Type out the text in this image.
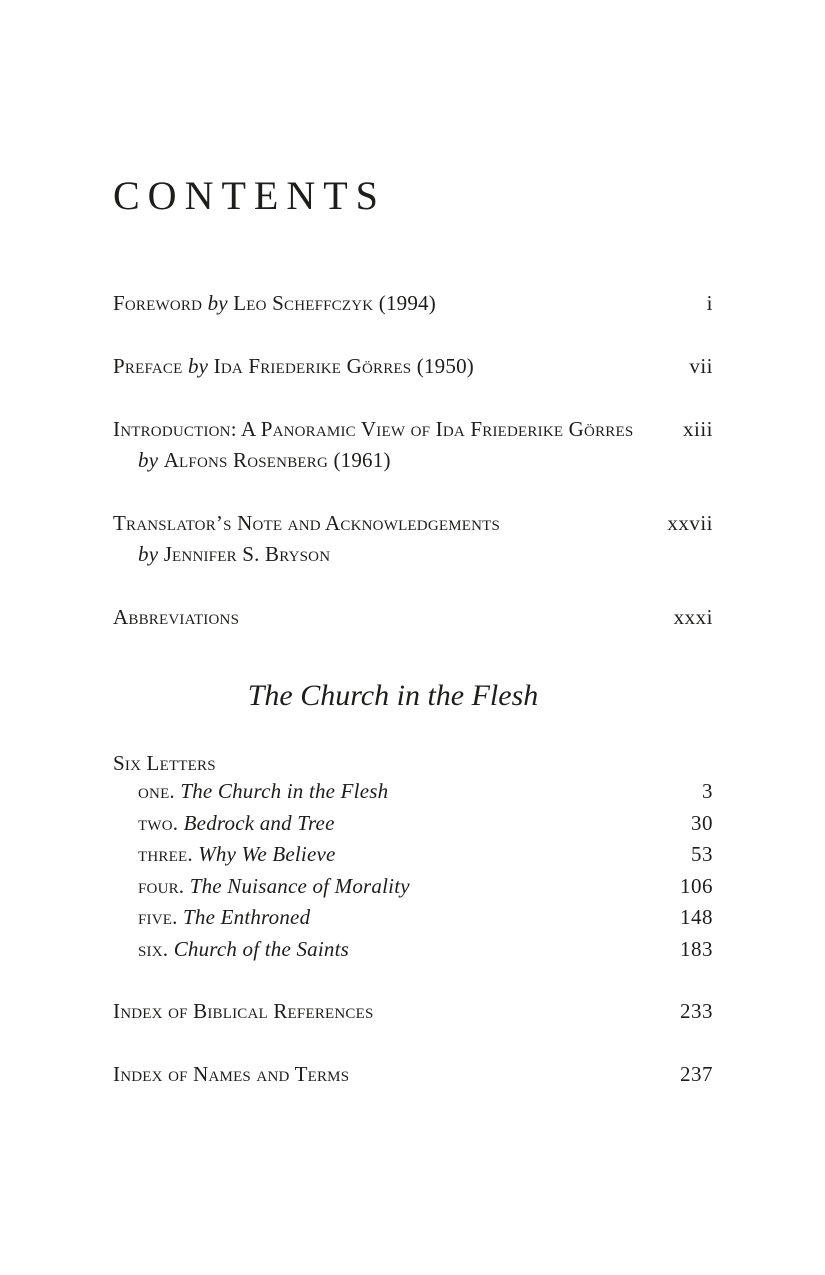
CONTENTS
Foreword by Leo Scheffczyk (1994)	i
Preface by Ida Friederike Görres (1950)	vii
Introduction: A Panoramic View of Ida Friederike Görres xiii
by Alfons Rosenberg (1961)
Translator’s Note and Acknowledgements	xxvii
by Jennifer S. Bryson
Abbreviations	xxxi
The Church in the Flesh
Six Letters
one. The Church in the Flesh	3
two. Bedrock and Tree	30
three. Why We Believe	53
four. The Nuisance of Morality	106
five. The Enthroned	148
six. Church of the Saints	183
Index of Biblical References	233
Index of Names and Terms	237
